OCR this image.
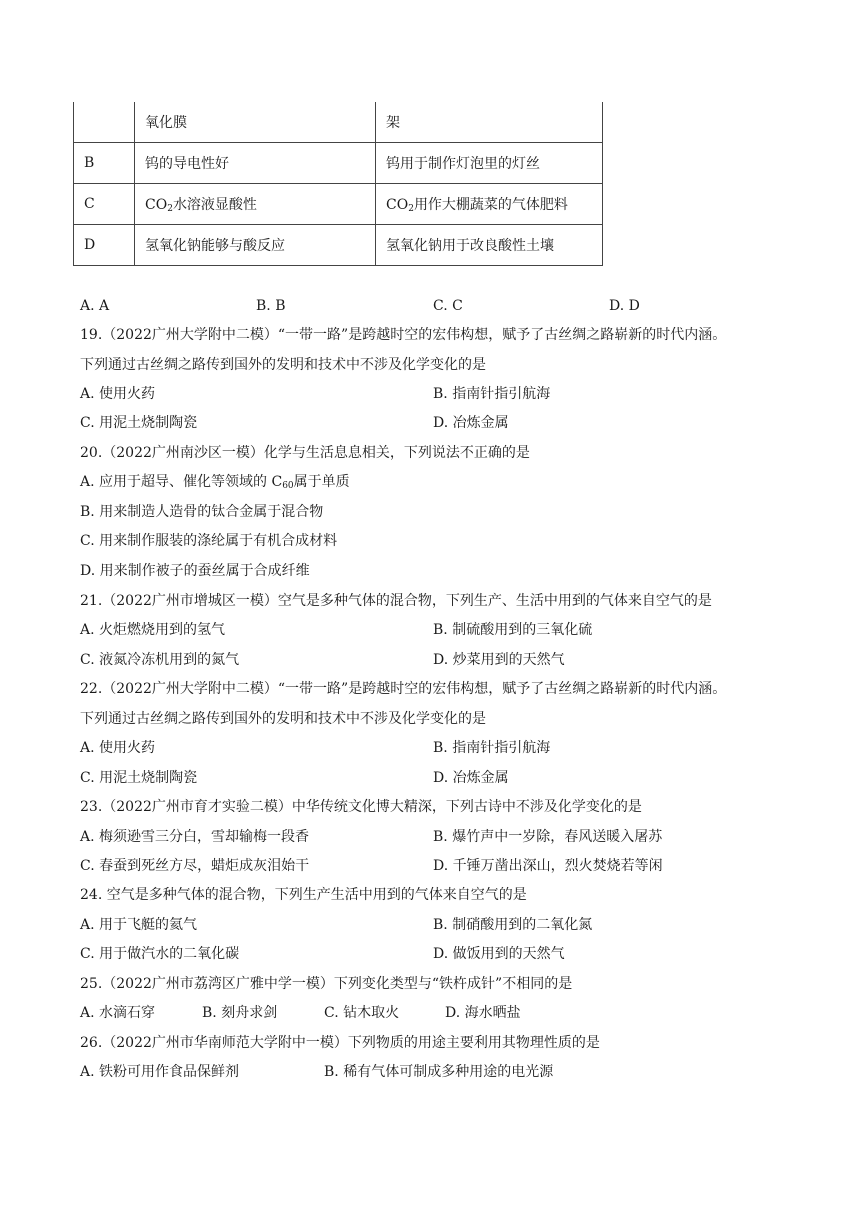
	氧化膜	架
B	钨的导电性好	钨用于制作灯泡里的灯丝
C	$CO_2$水溶液显酸性	$CO_2$用作大棚蔬菜的气体肥料
D	氢氧化钠能够与酸反应	氢氧化钠用于改良酸性土壤
A. A	B. B	C. C	D. D
19.（2022广州大学附中二模）“一带一路”是跨越时空的宏伟构想，赋予了古丝绸之路崭新的时代内涵。
下列通过古丝绸之路传到国外的发明和技术中不涉及化学变化的是
A. 使用火药	B. 指南针指引航海
C. 用泥土烧制陶瓷	D. 冶炼金属
20.（2022广州南沙区一模）化学与生活息息相关，下列说法不正确的是
A. 应用于超导、催化等领域的 $C_{60}$属于单质
B. 用来制造人造骨的钛合金属于混合物
C. 用来制作服装的涤纶属于有机合成材料
D. 用来制作被子的蚕丝属于合成纤维
21.（2022广州市增城区一模）空气是多种气体的混合物，下列生产、生活中用到的气体来自空气的是
A. 火炬燃烧用到的氢气	B. 制硫酸用到的三氧化硫
C. 液氮冷冻机用到的氮气	D. 炒菜用到的天然气
22.（2022广州大学附中二模）“一带一路”是跨越时空的宏伟构想，赋予了古丝绸之路崭新的时代内涵。
下列通过古丝绸之路传到国外的发明和技术中不涉及化学变化的是
A. 使用火药	B. 指南针指引航海
C. 用泥土烧制陶瓷	D. 冶炼金属
23.（2022广州市育才实验二模）中华传统文化博大精深，下列古诗中不涉及化学变化的是
A. 梅须逊雪三分白，雪却输梅一段香	B. 爆竹声中一岁除，春风送暖入屠苏
C. 春蚕到死丝方尽，蜡炬成灰泪始干	D. 千锤万凿出深山，烈火焚烧若等闲
24. 空气是多种气体的混合物，下列生产生活中用到的气体来自空气的是
A. 用于飞艇的氦气	B. 制硝酸用到的二氧化氮
C. 用于做汽水的二氧化碳	D. 做饭用到的天然气
25.（2022广州市荔湾区广雅中学一模）下列变化类型与“铁杵成针”不相同的是
A. 水滴石穿	B. 刻舟求剑	C. 钻木取火	D. 海水晒盐
26.（2022广州市华南师范大学附中一模）下列物质的用途主要利用其物理性质的是
A. 铁粉可用作食品保鲜剂	B. 稀有气体可制成多种用途的电光源
